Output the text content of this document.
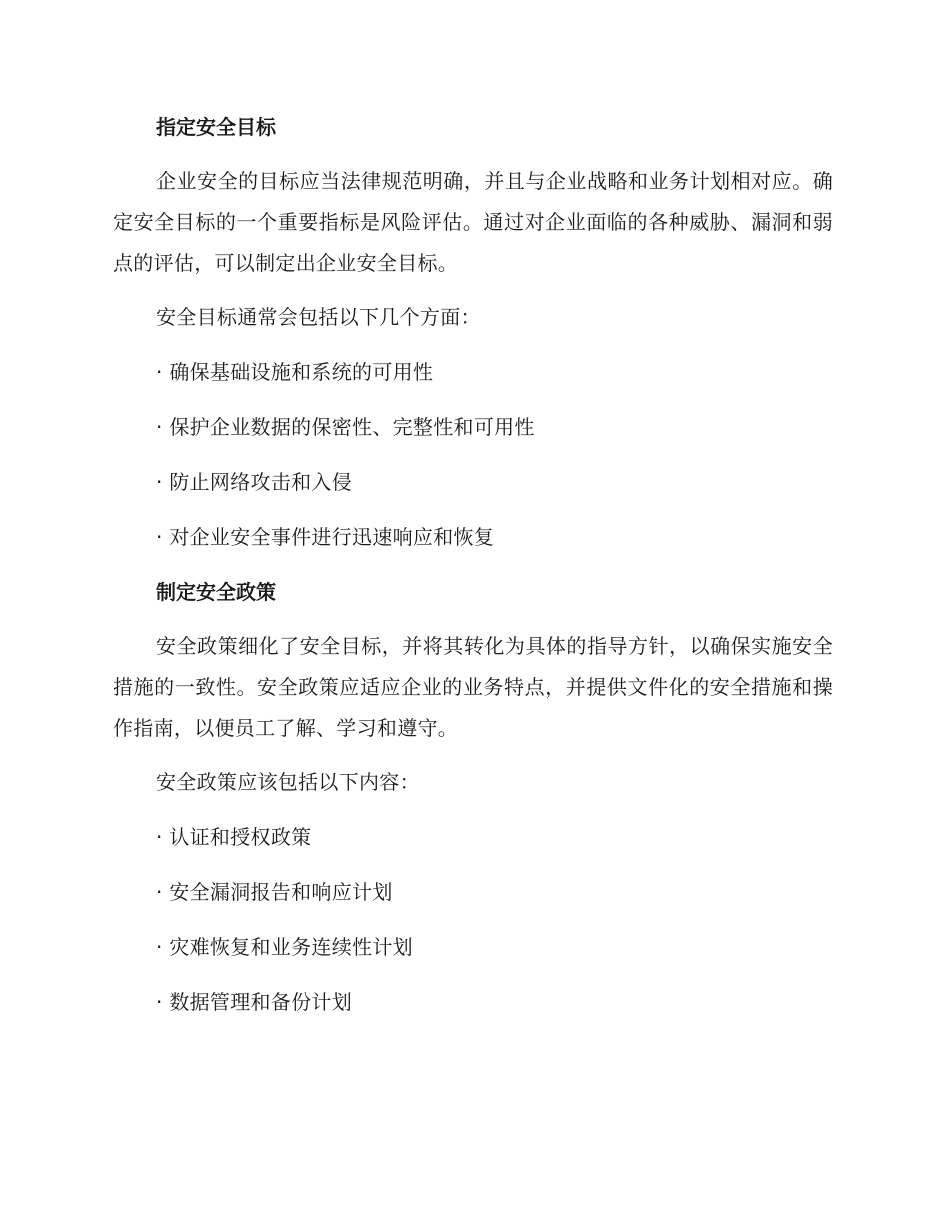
指定安全目标
企业安全的目标应当法律规范明确，并且与企业战略和业务计划相对应。确定安全目标的一个重要指标是风险评估。通过对企业面临的各种威胁、漏洞和弱点的评估，可以制定出企业安全目标。
安全目标通常会包括以下几个方面：
· 确保基础设施和系统的可用性
· 保护企业数据的保密性、完整性和可用性
· 防止网络攻击和入侵
· 对企业安全事件进行迅速响应和恢复
制定安全政策
安全政策细化了安全目标，并将其转化为具体的指导方针，以确保实施安全措施的一致性。安全政策应适应企业的业务特点，并提供文件化的安全措施和操作指南，以便员工了解、学习和遵守。
安全政策应该包括以下内容：
· 认证和授权政策
· 安全漏洞报告和响应计划
· 灾难恢复和业务连续性计划
· 数据管理和备份计划
